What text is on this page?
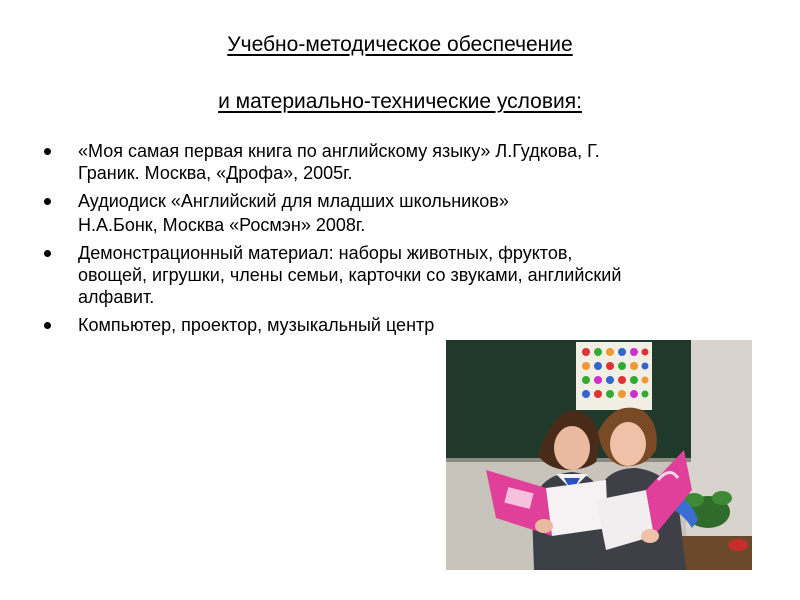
Учебно-методическое обеспечение
и материально-технические условия:
«Моя самая первая книга по английскому языку» Л.Гудкова, Г.
Граник. Москва, «Дрофа», 2005г.
Аудиодиск «Английский для младших школьников»
Н.А.Бонк, Москва «Росмэн» 2008г.
Демонстрационный материал: наборы животных, фруктов,
овощей, игрушки, члены семьи, карточки со звуками, английский
алфавит.
Компьютер, проектор, музыкальный центр
